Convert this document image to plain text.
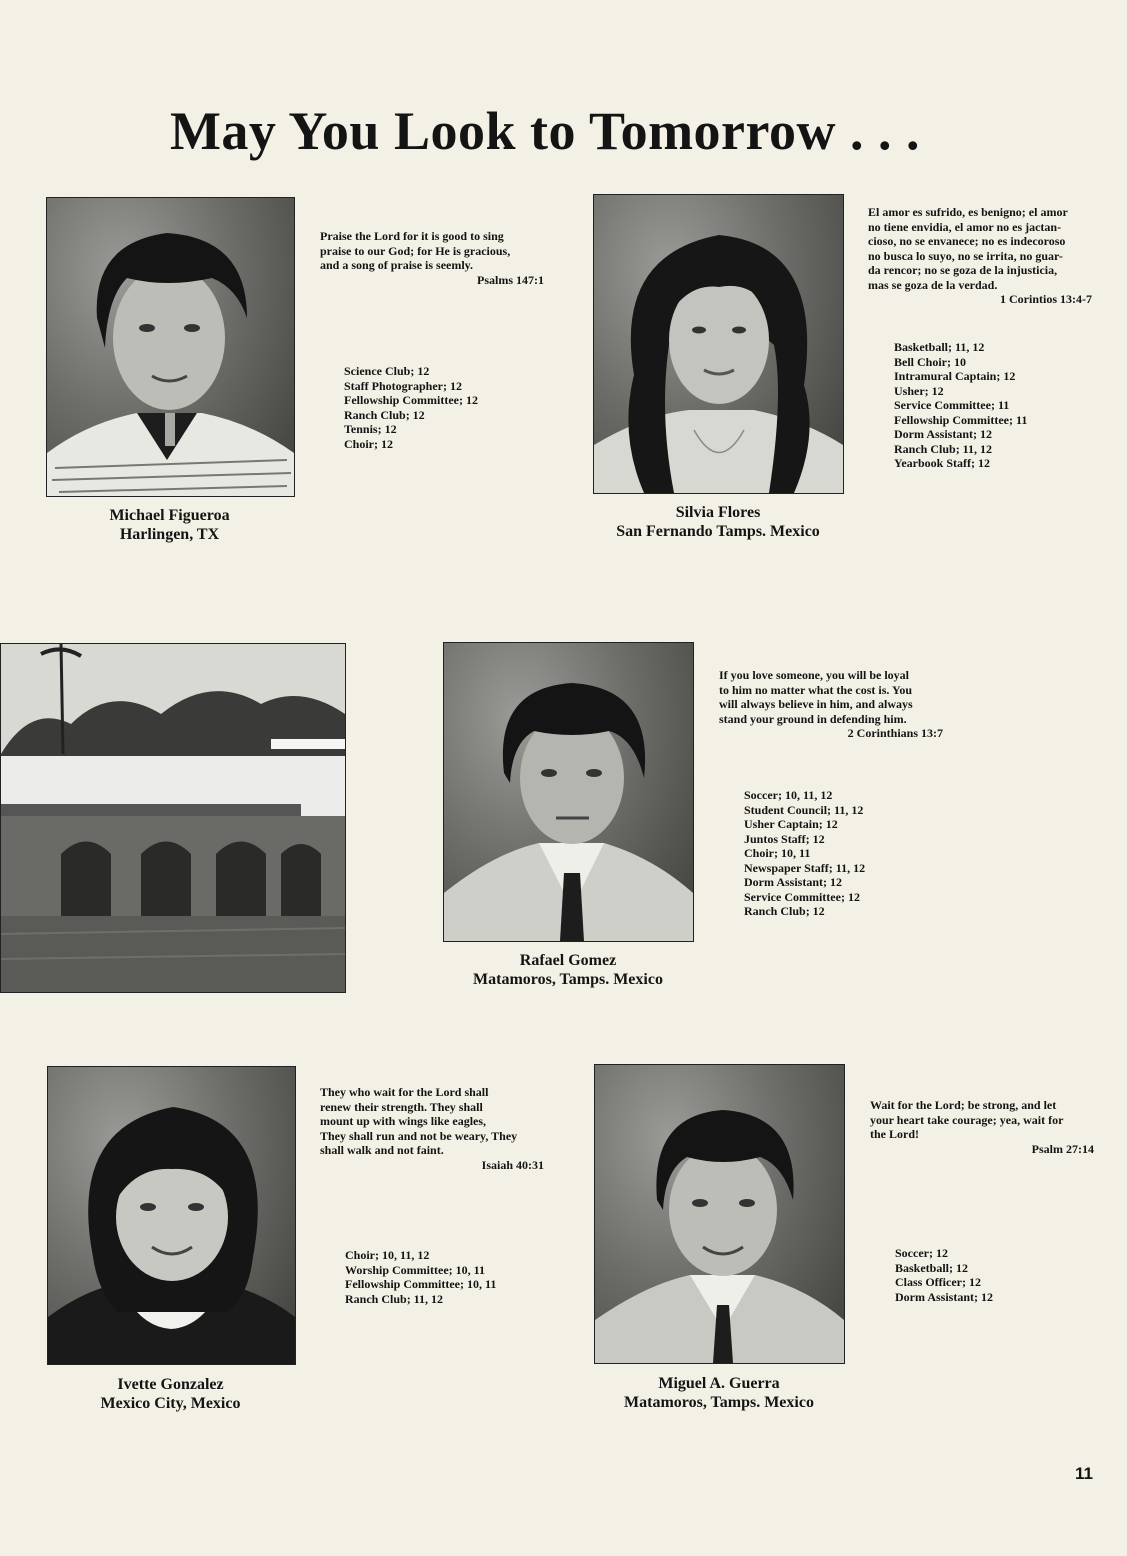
May You Look to Tomorrow . . .
Praise the Lord for it is good to sing
praise to our God; for He is gracious,
and a song of praise is seemly.
Psalms 147:1
Science Club; 12
Staff Photographer; 12
Fellowship Committee; 12
Ranch Club; 12
Tennis; 12
Choir; 12
Michael Figueroa
Harlingen, TX
El amor es sufrido, es benigno; el amor
no tiene envidia, el amor no es jactan-
cioso, no se envanece; no es indecoroso
no busca lo suyo, no se irrita, no guar-
da rencor; no se goza de la injusticia,
mas se goza de la verdad.
1 Corintios 13:4-7
Basketball; 11, 12
Bell Choir; 10
Intramural Captain; 12
Usher; 12
Service Committee; 11
Fellowship Committee; 11
Dorm Assistant; 12
Ranch Club; 11, 12
Yearbook Staff; 12
Silvia Flores
San Fernando Tamps. Mexico
If you love someone, you will be loyal
to him no matter what the cost is. You
will always believe in him, and always
stand your ground in defending him.
2 Corinthians 13:7
Soccer; 10, 11, 12
Student Council; 11, 12
Usher Captain; 12
Juntos Staff; 12
Choir; 10, 11
Newspaper Staff; 11, 12
Dorm Assistant; 12
Service Committee; 12
Ranch Club; 12
Rafael Gomez
Matamoros, Tamps. Mexico
They who wait for the Lord shall
renew their strength. They shall
mount up with wings like eagles,
They shall run and not be weary, They
shall walk and not faint.
Isaiah 40:31
Choir; 10, 11, 12
Worship Committee; 10, 11
Fellowship Committee; 10, 11
Ranch Club; 11, 12
Ivette Gonzalez
Mexico City, Mexico
Wait for the Lord; be strong, and let
your heart take courage; yea, wait for
the Lord!
Psalm 27:14
Soccer; 12
Basketball; 12
Class Officer; 12
Dorm Assistant; 12
Miguel A. Guerra
Matamoros, Tamps. Mexico
11
